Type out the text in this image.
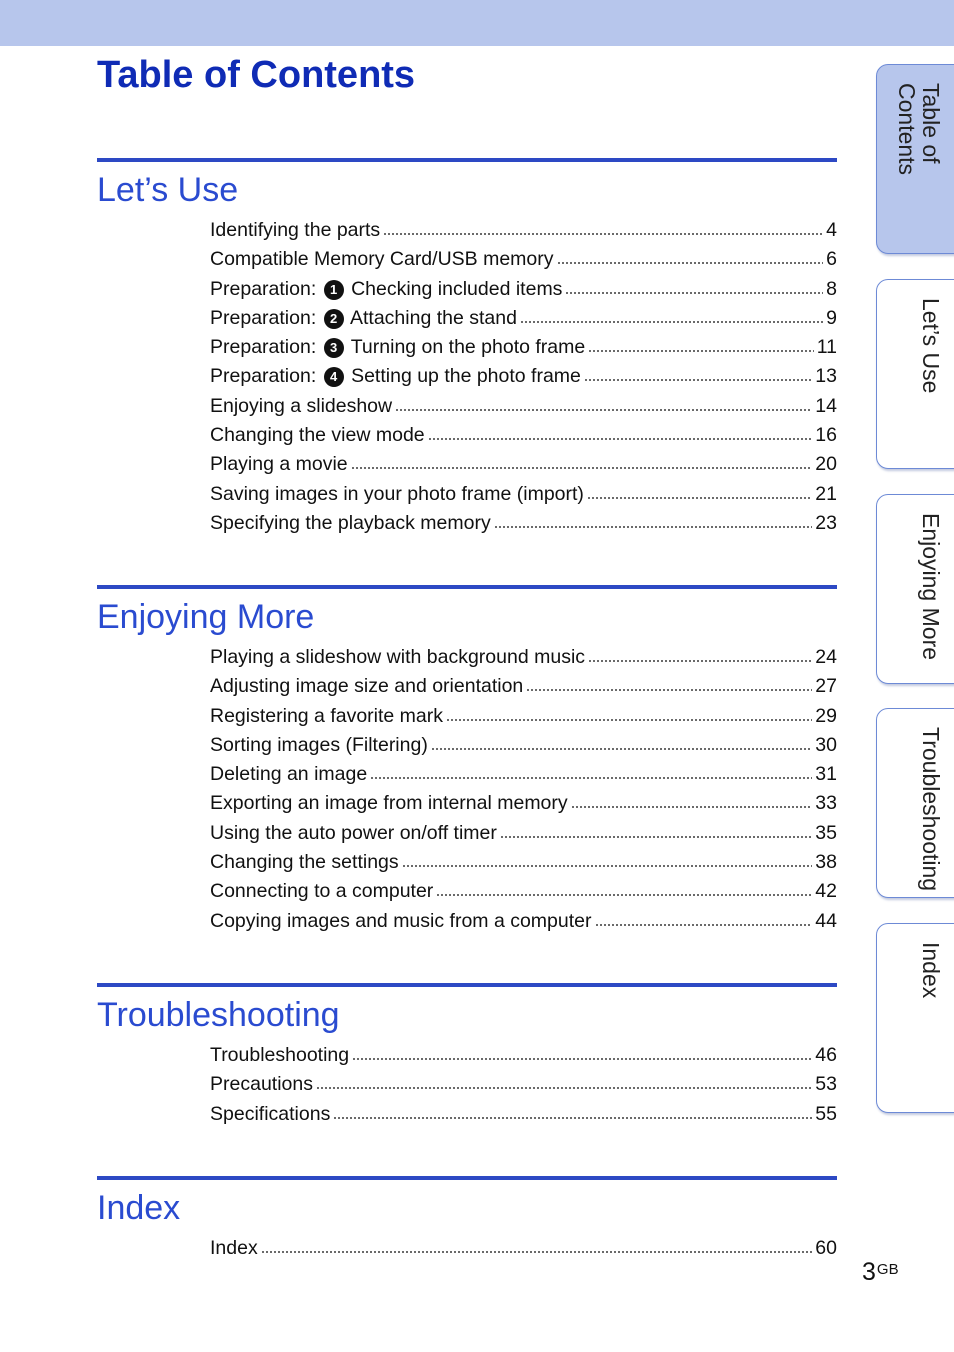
Table of Contents
Let’s Use
Identifying the parts	4
Compatible Memory Card/USB memory	6
Preparation: 1 Checking included items	8
Preparation: 2 Attaching the stand	9
Preparation: 3 Turning on the photo frame	11
Preparation: 4 Setting up the photo frame	13
Enjoying a slideshow	14
Changing the view mode	16
Playing a movie	20
Saving images in your photo frame (import)	21
Specifying the playback memory	23
Enjoying More
Playing a slideshow with background music	24
Adjusting image size and orientation	27
Registering a favorite mark	29
Sorting images (Filtering)	30
Deleting an image	31
Exporting an image from internal memory	33
Using the auto power on/off timer	35
Changing the settings	38
Connecting to a computer	42
Copying images and music from a computer	44
Troubleshooting
Troubleshooting	46
Precautions	53
Specifications	55
Index
Index	60
Table of
Contents
Let’s Use
Enjoying More
Troubleshooting
Index
$3^{GB}$
